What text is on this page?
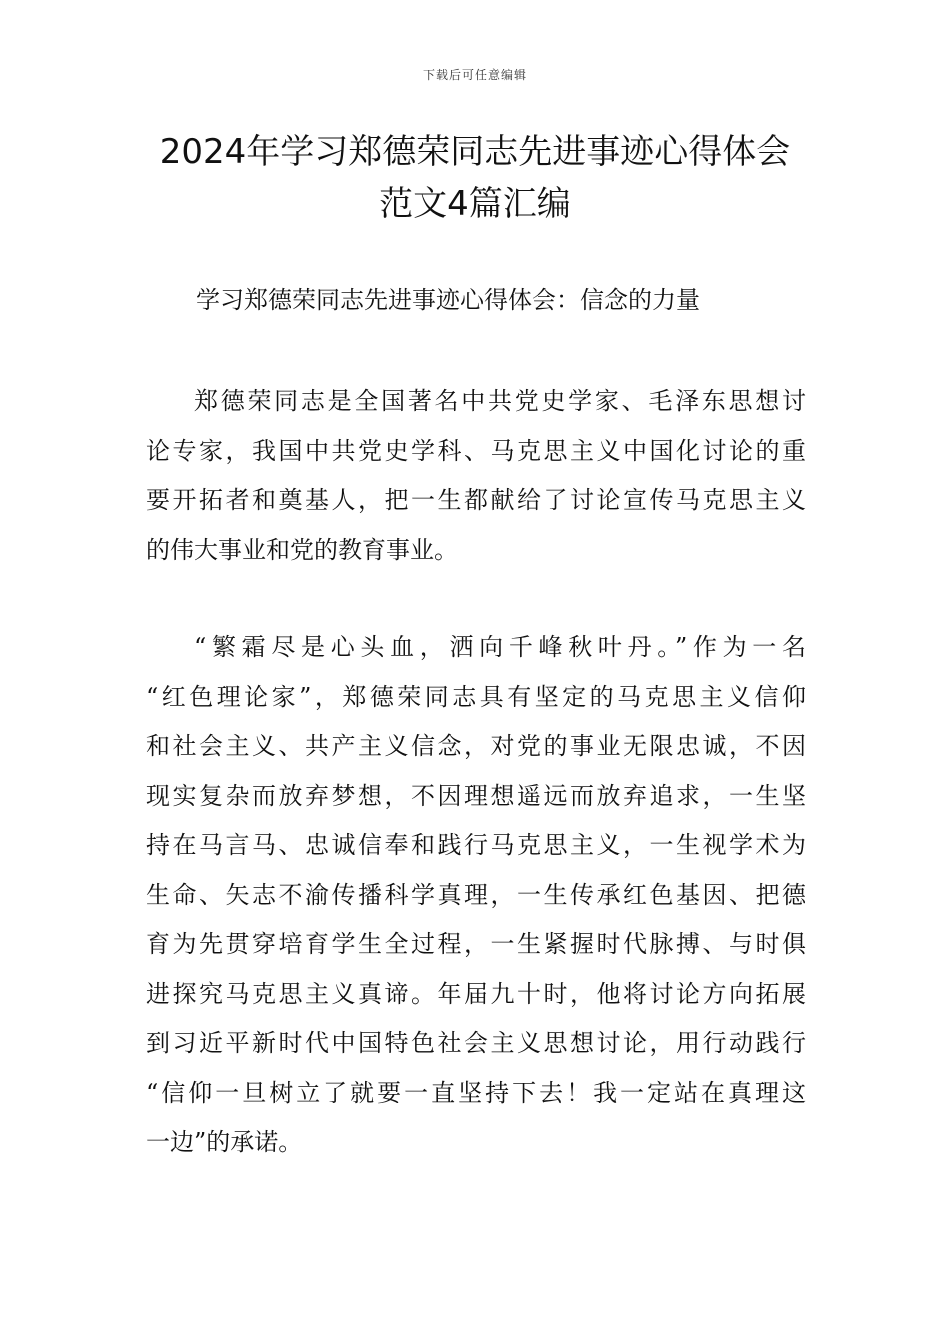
下载后可任意编辑
2024年学习郑德荣同志先进事迹心得体会
范文4篇汇编
学习郑德荣同志先进事迹心得体会：信念的力量
郑德荣同志是全国著名中共党史学家、毛泽东思想讨
论专家，我国中共党史学科、马克思主义中国化讨论的重
要开拓者和奠基人，把一生都献给了讨论宣传马克思主义
的伟大事业和党的教育事业。
“繁霜尽是心头血，洒向千峰秋叶丹。”作为一名
“红色理论家”，郑德荣同志具有坚定的马克思主义信仰
和社会主义、共产主义信念，对党的事业无限忠诚，不因
现实复杂而放弃梦想，不因理想遥远而放弃追求，一生坚
持在马言马、忠诚信奉和践行马克思主义，一生视学术为
生命、矢志不渝传播科学真理，一生传承红色基因、把德
育为先贯穿培育学生全过程，一生紧握时代脉搏、与时俱
进探究马克思主义真谛。年届九十时，他将讨论方向拓展
到习近平新时代中国特色社会主义思想讨论，用行动践行
“信仰一旦树立了就要一直坚持下去！我一定站在真理这
一边”的承诺。
